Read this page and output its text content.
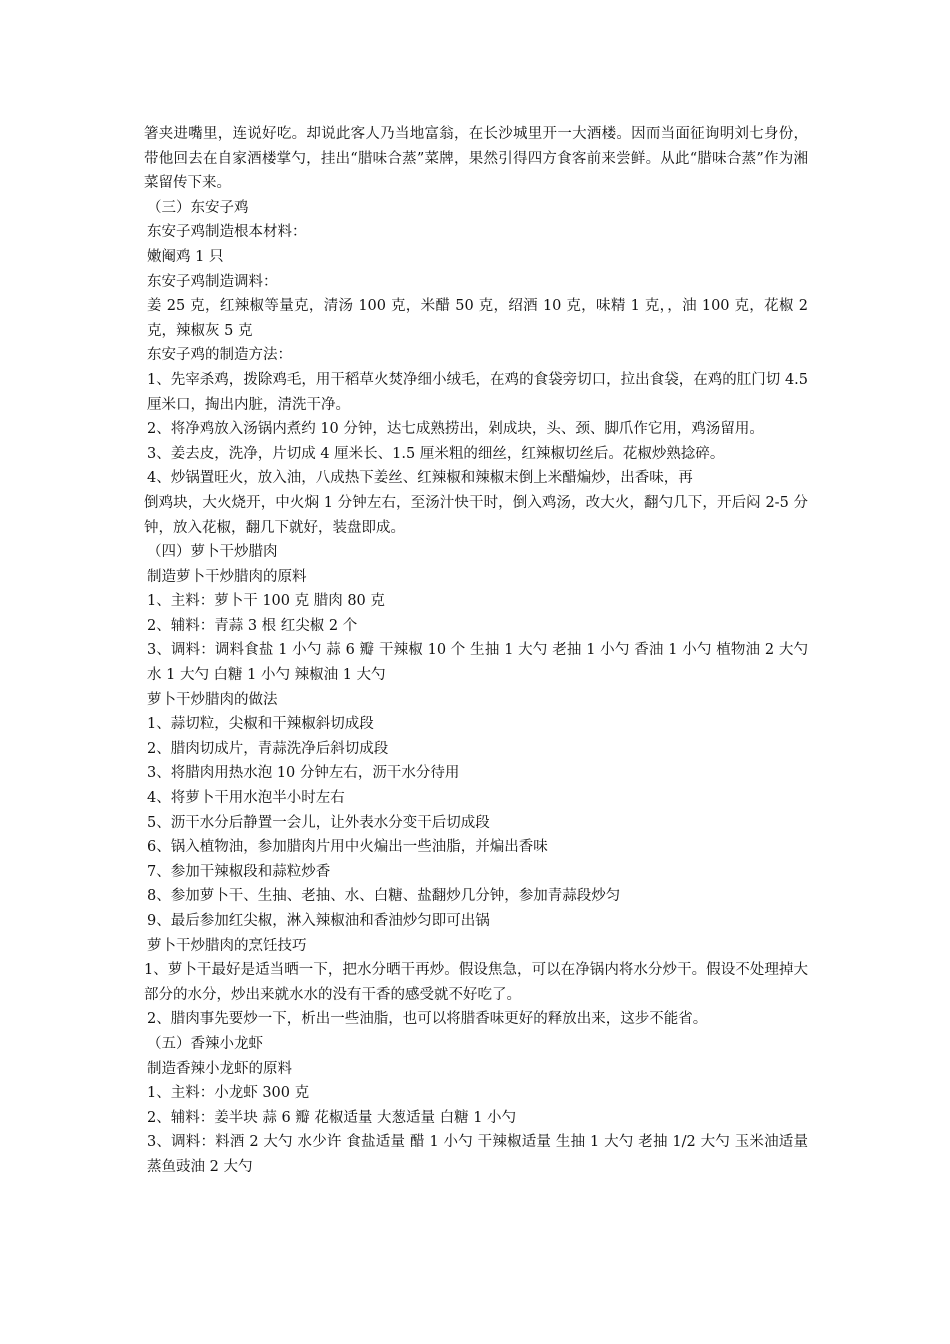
箸夹进嘴里，连说好吃。却说此客人乃当地富翁，在长沙城里开一大酒楼。因而当面征询明刘七身份，带他回去在自家酒楼掌勺，挂出“腊味合蒸”菜牌，果然引得四方食客前来尝鲜。从此“腊味合蒸”作为湘菜留传下来。

（三）东安子鸡

东安子鸡制造根本材料：

嫩阉鸡 1 只

东安子鸡制造调料：

姜 25 克，红辣椒等量克，清汤 100 克，米醋 50 克，绍酒 10 克，味精 1 克，，油 100 克，花椒 2 克，辣椒灰 5 克

东安子鸡的制造方法：

1、先宰杀鸡，拨除鸡毛，用干稻草火焚净细小绒毛，在鸡的食袋旁切口，拉出食袋，在鸡的肛门切 4.5 厘米口，掏出内脏，清洗干净。

2、将净鸡放入汤锅内煮约 10 分钟，达七成熟捞出，剁成块，头、颈、脚爪作它用，鸡汤留用。

3、姜去皮，洗净，片切成 4 厘米长、1.5 厘米粗的细丝，红辣椒切丝后。花椒炒熟捻碎。

4、炒锅置旺火，放入油，八成热下姜丝、红辣椒和辣椒末倒上米醋煸炒，出香味，再

倒鸡块，大火烧开，中火焖 1 分钟左右，至汤汁快干时，倒入鸡汤，改大火，翻勺几下，开后闷 2-5 分钟，放入花椒，翻几下就好，装盘即成。

（四）萝卜干炒腊肉

制造萝卜干炒腊肉的原料

1、主料：萝卜干 100 克 腊肉 80 克

2、辅料：青蒜 3 根 红尖椒 2 个

3、调料：调料食盐 1 小勺 蒜 6 瓣 干辣椒 10 个 生抽 1 大勺 老抽 1 小勺 香油 1 小勺 植物油 2 大勺 水 1 大勺 白糖 1 小勺 辣椒油 1 大勺

萝卜干炒腊肉的做法

1、蒜切粒，尖椒和干辣椒斜切成段

2、腊肉切成片，青蒜洗净后斜切成段

3、将腊肉用热水泡 10 分钟左右，沥干水分待用

4、将萝卜干用水泡半小时左右

5、沥干水分后静置一会儿，让外表水分变干后切成段

6、锅入植物油，参加腊肉片用中火煸出一些油脂，并煸出香味

7、参加干辣椒段和蒜粒炒香

8、参加萝卜干、生抽、老抽、水、白糖、盐翻炒几分钟，参加青蒜段炒匀

9、最后参加红尖椒，淋入辣椒油和香油炒匀即可出锅

萝卜干炒腊肉的烹饪技巧

1、萝卜干最好是适当晒一下，把水分晒干再炒。假设焦急，可以在净锅内将水分炒干。假设不处理掉大部分的水分，炒出来就水水的没有干香的感受就不好吃了。

2、腊肉事先要炒一下，析出一些油脂，也可以将腊香味更好的释放出来，这步不能省。

（五）香辣小龙虾

制造香辣小龙虾的原料

1、主料：小龙虾 300 克

2、辅料：姜半块 蒜 6 瓣 花椒适量 大葱适量 白糖 1 小勺

3、调料：料酒 2 大勺 水少许 食盐适量 醋 1 小勺 干辣椒适量 生抽 1 大勺 老抽 1/2 大勺 玉米油适量 蒸鱼豉油 2 大勺
